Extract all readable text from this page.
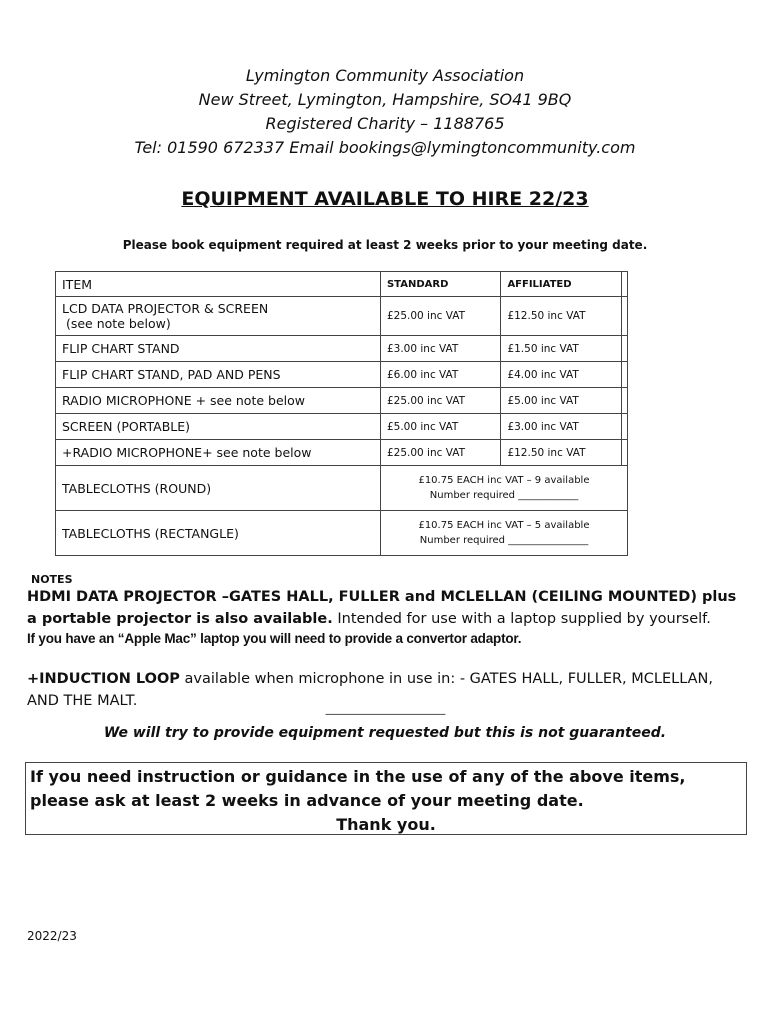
Lymington Community Association
New Street, Lymington, Hampshire, SO41 9BQ
Registered Charity – 1188765
Tel: 01590 672337 Email bookings@lymingtoncommunity.com
EQUIPMENT AVAILABLE TO HIRE 22/23
Please book equipment required at least 2 weeks prior to your meeting date.
ITEM	STANDARD	AFFILIATED	

LCD DATA PROJECTOR & SCREEN
(see note below)	£25.00 inc VAT	£12.50 inc VAT	
FLIP CHART STAND	£3.00 inc VAT	£1.50 inc VAT	
FLIP CHART STAND, PAD AND PENS	£6.00 inc VAT	£4.00 inc VAT	
RADIO MICROPHONE + see note below	£25.00 inc VAT	£5.00 inc VAT	
SCREEN (PORTABLE)	£5.00 inc VAT	£3.00 inc VAT	
+RADIO MICROPHONE+ see note below	£25.00 inc VAT	£12.50 inc VAT	
TABLECLOTHS (ROUND)	£10.75 EACH inc VAT – 9 available
Number required ____________		

TABLECLOTHS (RECTANGLE)	£10.75 EACH inc VAT – 5 available
Number required ________________		
NOTES
HDMI DATA PROJECTOR –GATES HALL, FULLER and MCLELLAN (CEILING MOUNTED) plus a portable projector is also available. Intended for use with a laptop supplied by yourself.
If you have an “Apple Mac” laptop you will need to provide a convertor adaptor.
+INDUCTION LOOP available when microphone in use in: - GATES HALL, FULLER, MCLELLAN, AND THE MALT.
------------------------------------------------------------
We will try to provide equipment requested but this is not guaranteed.
If you need instruction or guidance in the use of any of the above items, please ask at least 2 weeks in advance of your meeting date.
Thank you.
2022/23
